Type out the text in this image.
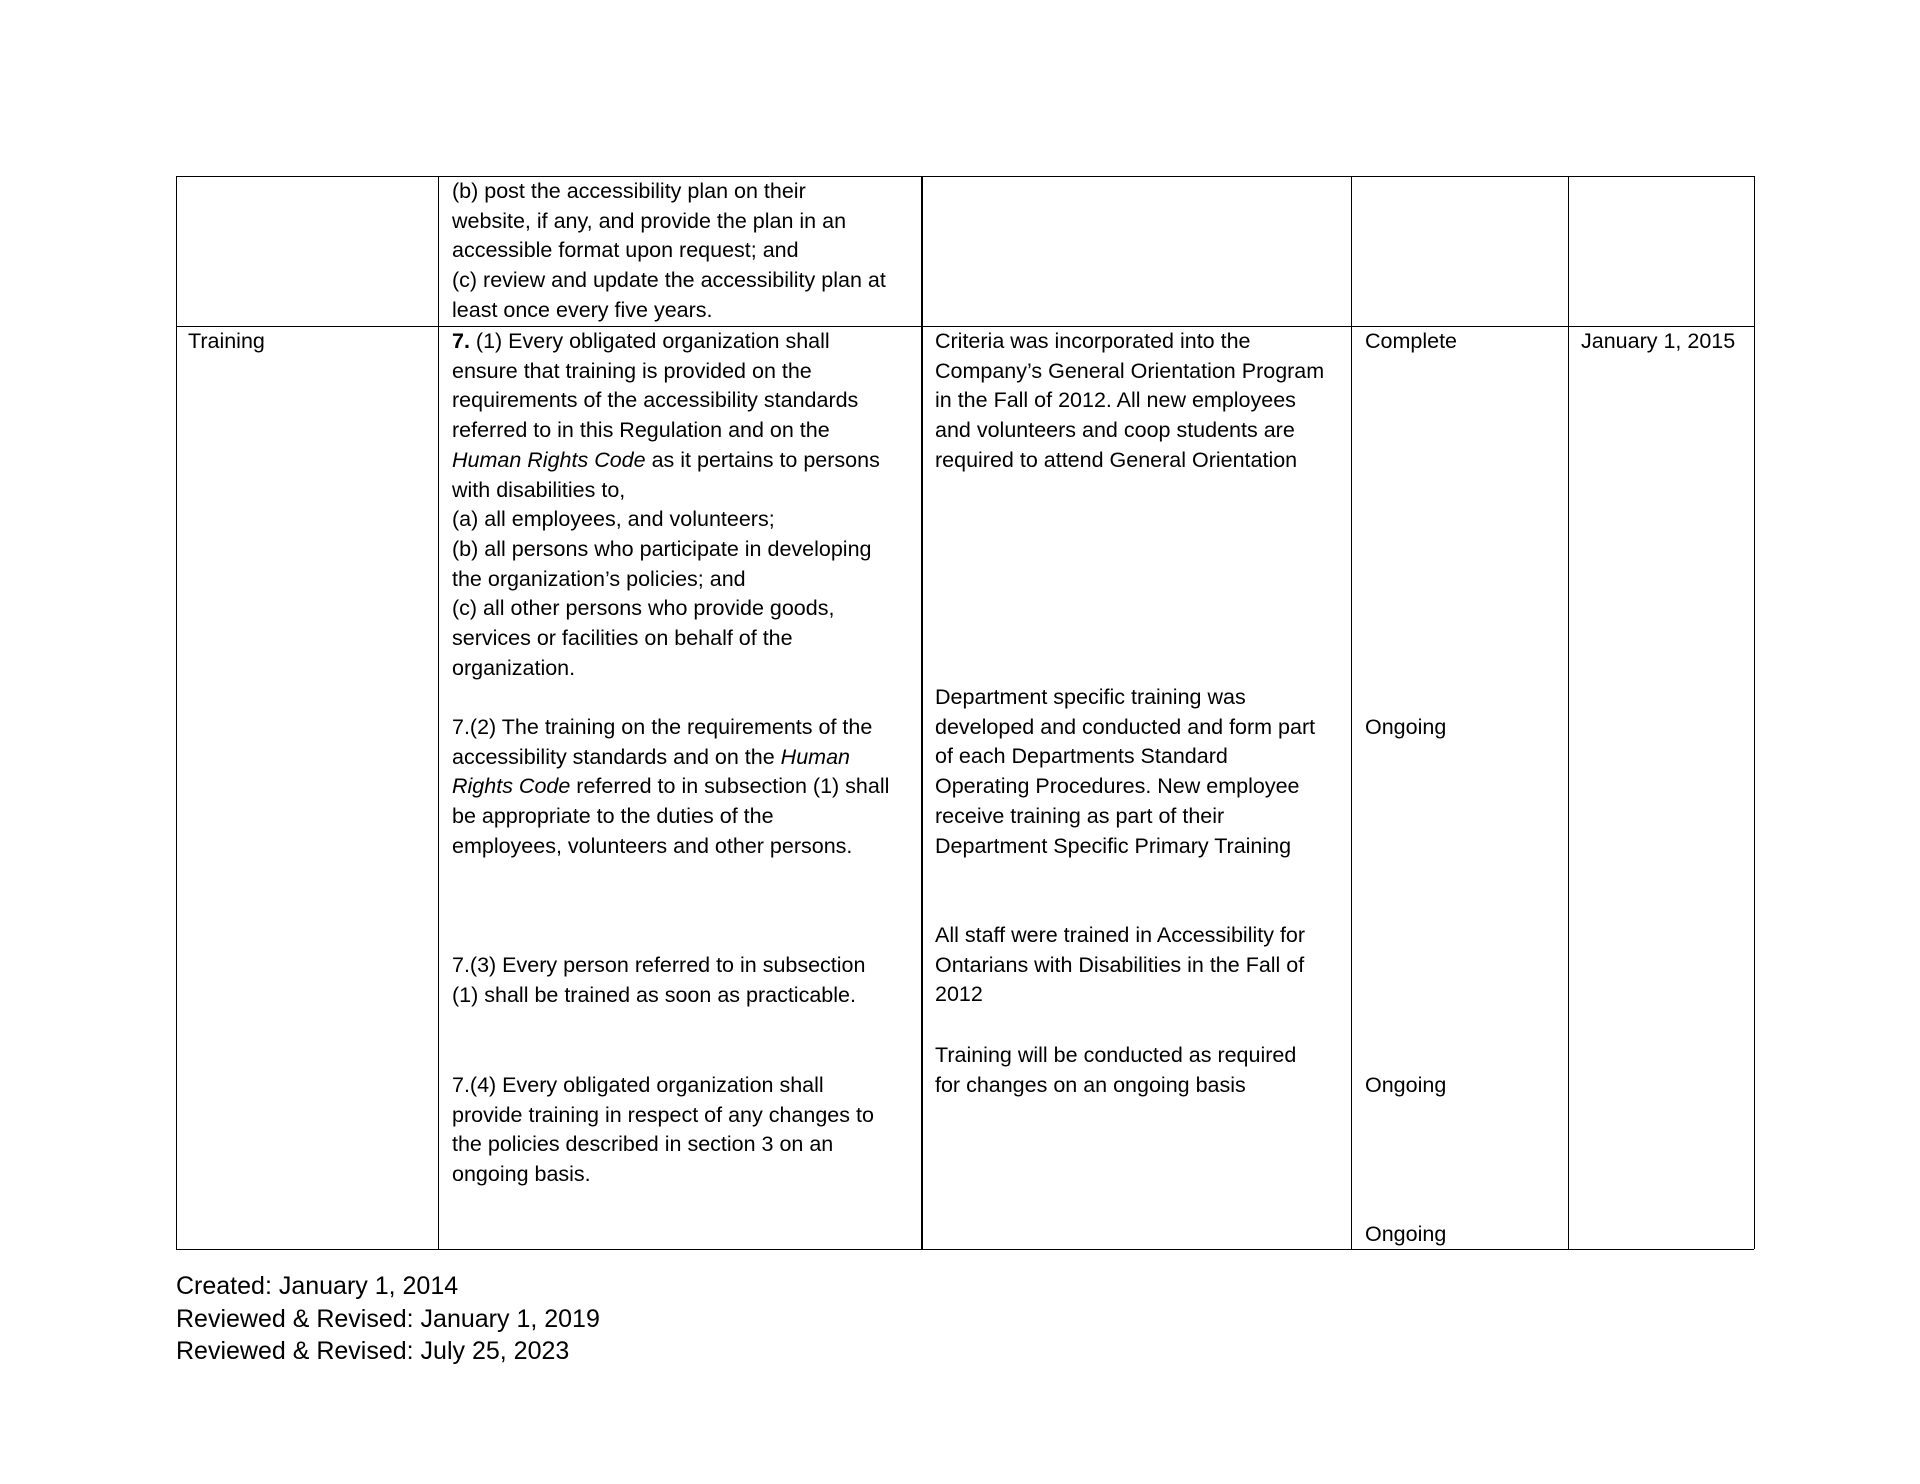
(b) post the accessibility plan on their
website, if any, and provide the plan in an
accessible format upon request; and
(c) review and update the accessibility plan at
least once every five years.
Training	7. (1) Every obligated organization shall
ensure that training is provided on the
requirements of the accessibility standards
referred to in this Regulation and on the
Human Rights Code as it pertains to persons
with disabilities to,
(a) all employees, and volunteers;
(b) all persons who participate in developing
the organization’s policies; and
(c) all other persons who provide goods,
services or facilities on behalf of the
organization.
7.(2) The training on the requirements of the
accessibility standards and on the Human
Rights Code referred to in subsection (1) shall
be appropriate to the duties of the
employees, volunteers and other persons.
7.(3) Every person referred to in subsection
(1) shall be trained as soon as practicable.
7.(4) Every obligated organization shall
provide training in respect of any changes to
the policies described in section 3 on an
ongoing basis.
Criteria was incorporated into the
Company’s General Orientation Program
in the Fall of 2012. All new employees
and volunteers and coop students are
required to attend General Orientation
Department specific training was
developed and conducted and form part
of each Departments Standard
Operating Procedures. New employee
receive training as part of their
Department Specific Primary Training
All staff were trained in Accessibility for
Ontarians with Disabilities in the Fall of
2012
Training will be conducted as required
for changes on an ongoing basis
Complete
Ongoing
Ongoing
Ongoing
January 1, 2015
Created: January 1, 2014
Reviewed & Revised: January 1, 2019
Reviewed & Revised: July 25, 2023
